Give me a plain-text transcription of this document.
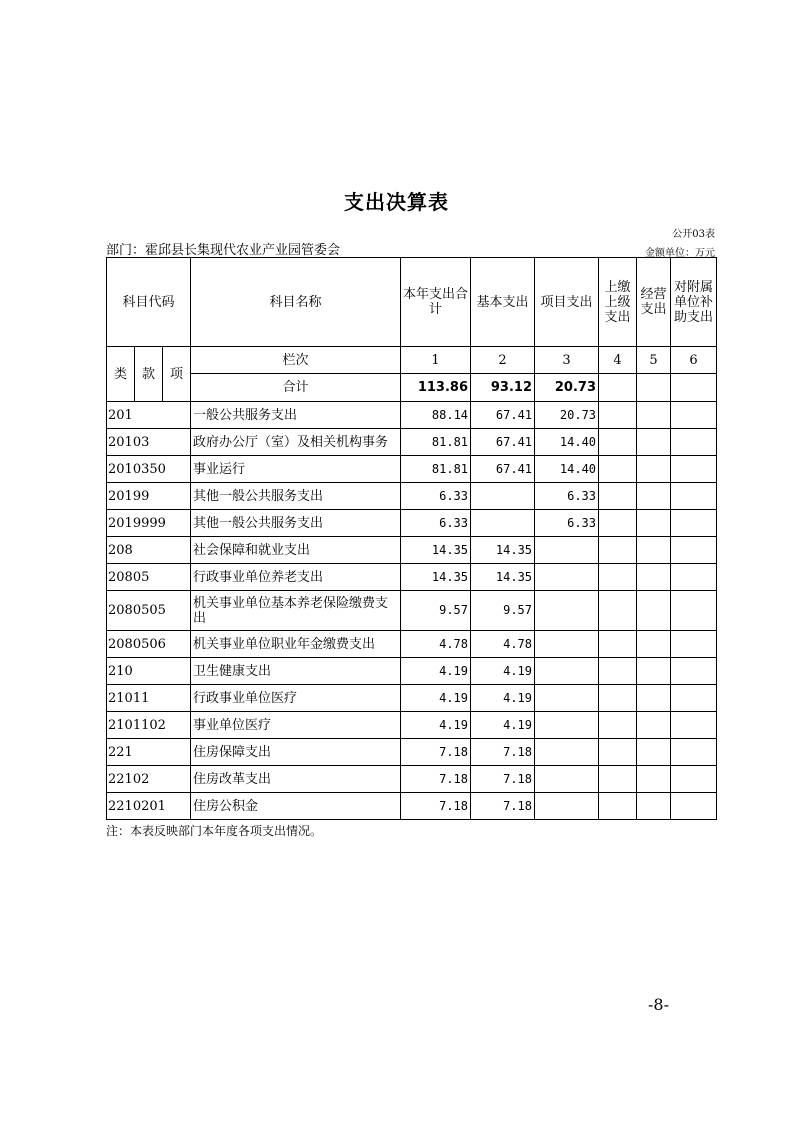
支出决算表
公开03表
部门：霍邱县长集现代农业产业园管委会	金额单位：万元
科目代码			科目名称	本年支出合计	基本支出	项目支出	上缴上级支出	经营支出	对附属单位补助支出
类	款	项	栏次	1	2	3	4	5	6
			合计	113.86	93.12	20.73			
201			一般公共服务支出	88.14	67.41	20.73			
20103			政府办公厅（室）及相关机构事务	81.81	67.41	14.40			
2010350			事业运行	81.81	67.41	14.40			
20199			其他一般公共服务支出	6.33		6.33			
2019999			其他一般公共服务支出	6.33		6.33			
208			社会保障和就业支出	14.35	14.35				
20805			行政事业单位养老支出	14.35	14.35				
2080505			机关事业单位基本养老保险缴费支出	9.57	9.57				
2080506			机关事业单位职业年金缴费支出	4.78	4.78				
210			卫生健康支出	4.19	4.19				
21011			行政事业单位医疗	4.19	4.19				
2101102			事业单位医疗	4.19	4.19				
221			住房保障支出	7.18	7.18				
22102			住房改革支出	7.18	7.18				
2210201			住房公积金	7.18	7.18				
注：本表反映部门本年度各项支出情况。
-8-
